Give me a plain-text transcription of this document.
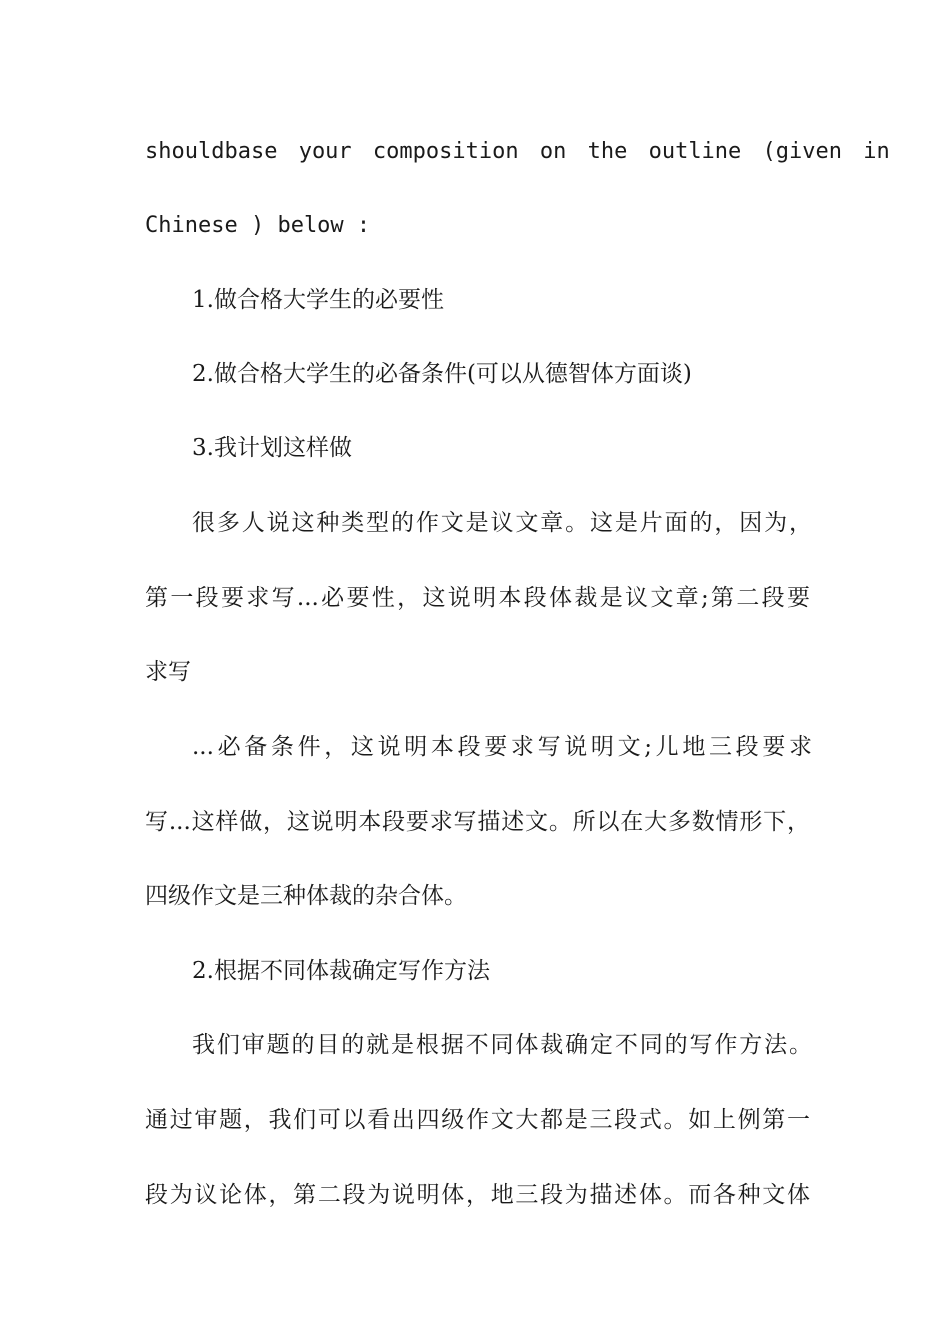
shouldbase your composition on the outline (given in
Chinese ) below :
1.做合格大学生的必要性
2.做合格大学生的必备条件(可以从德智体方面谈)
3.我计划这样做
很多人说这种类型的作文是议文章。这是片面的，因为，
第一段要求写...必要性，这说明本段体裁是议文章;第二段要
求写
...必备条件，这说明本段要求写说明文;儿地三段要求
写...这样做，这说明本段要求写描述文。所以在大多数情形下，
四级作文是三种体裁的杂合体。
2.根据不同体裁确定写作方法
我们审题的目的就是根据不同体裁确定不同的写作方法。
通过审题，我们可以看出四级作文大都是三段式。如上例第一
段为议论体，第二段为说明体，地三段为描述体。而各种文体
